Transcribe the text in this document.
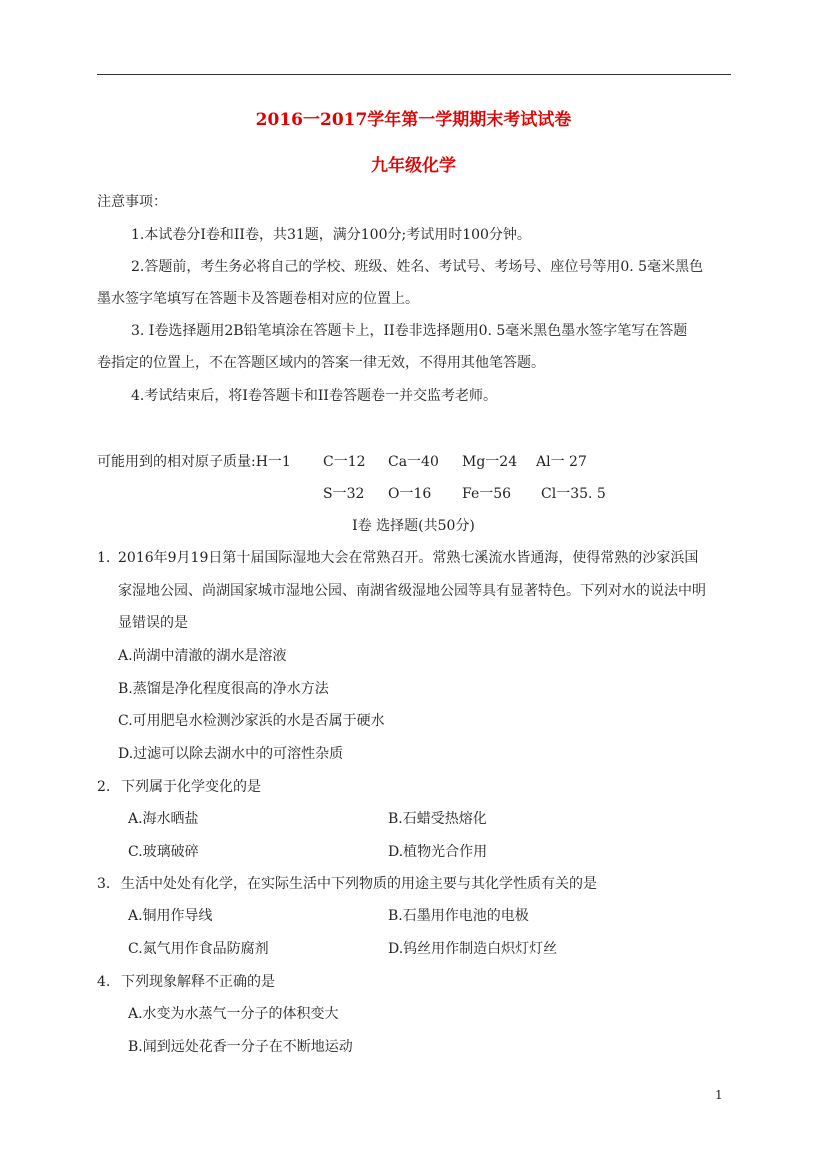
2016一2017学年第一学期期末考试试卷
九年级化学
注意事项：
1.本试卷分I卷和II卷，共31题，满分100分;考试用时100分钟。
2.答题前，考生务必将自己的学校、班级、姓名、考试号、考场号、座位号等用0. 5毫米黑色
墨水签字笔填写在答题卡及答题卷相对应的位置上。
3. I卷选择题用2B铅笔填涂在答题卡上，II卷非选择题用0. 5毫米黑色墨水签字笔写在答题
卷指定的位置上，不在答题区域内的答案一律无效，不得用其他笔答题。
4.考试结束后，将I卷答题卡和II卷答题卷一并交监考老师。
可能用到的相对原子质量:H一1 C一12 Ca一40 Mg一24 Al一 27
S一32 O一16 Fe一56 Cl一35. 5
I卷 选择题(共50分)
1. 2016年9月19日第十届国际湿地大会在常熟召开。常熟七溪流水皆通海，使得常熟的沙家浜国
家湿地公园、尚湖国家城市湿地公园、南湖省级湿地公园等具有显著特色。下列对水的说法中明
显错误的是
A.尚湖中清澈的湖水是溶液
B.蒸馏是净化程度很高的净水方法
C.可用肥皂水检测沙家浜的水是否属于硬水
D.过滤可以除去湖水中的可溶性杂质
2. 下列属于化学变化的是
A.海水晒盐	B.石蜡受热熔化
C.玻璃破碎	D.植物光合作用
3. 生活中处处有化学，在实际生活中下列物质的用途主要与其化学性质有关的是
A.铜用作导线	B.石墨用作电池的电极
C.氮气用作食品防腐剂	D.钨丝用作制造白炽灯灯丝
4. 下列现象解释不正确的是
A.水变为水蒸气一分子的体积变大
B.闻到远处花香一分子在不断地运动
1
